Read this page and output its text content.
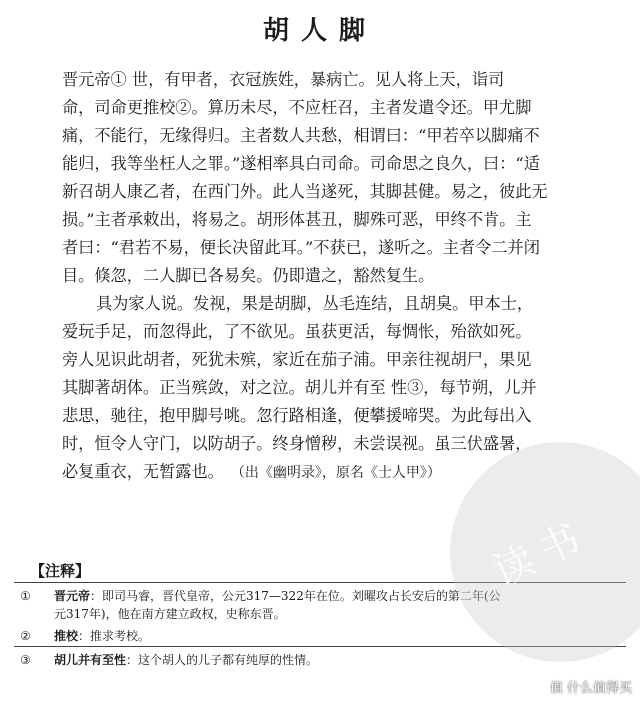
胡人脚
晋元帝① 世，有甲者，衣冠族姓，暴病亡。见人将上天，诣司
命，司命更推校②。算历未尽，不应枉召，主者发遣令还。甲尤脚
痛，不能行，无缘得归。主者数人共愁，相谓曰：“甲若卒以脚痛不
能归，我等坐枉人之罪。”遂相率具白司命。司命思之良久，曰：“适
新召胡人康乙者，在西门外。此人当遂死，其脚甚健。易之，彼此无
损。”主者承敕出，将易之。胡形体甚丑，脚殊可恶，甲终不肯。主
者曰：“君若不易，便长决留此耳。”不获已，遂听之。主者令二并闭
目。倏忽，二人脚已各易矣。仍即遣之，豁然复生。
具为家人说。发视，果是胡脚，丛毛连结，且胡臭。甲本士，
爱玩手足，而忽得此，了不欲见。虽获更活，每惆怅，殆欲如死。
旁人见识此胡者，死犹未殡，家近在茄子浦。甲亲往视胡尸，果见
其脚著胡体。正当殡敛，对之泣。胡儿并有至 性③，每节朔，儿并
悲思，驰往，抱甲脚号咷。忽行路相逢，便攀援啼哭。为此每出入
时，恒令人守门，以防胡子。终身憎秽，未尝误视。虽三伏盛暑，
必复重衣，无暂露也。 （出《幽明录》，原名《士人甲》）
【注释】
① 晋元帝：即司马睿，晋代皇帝，公元317—322年在位。刘曜攻占长安后的第二年(公
元317年)，他在南方建立政权，史称东晋。
② 推校：推求考校。
③ 胡儿并有至性：这个胡人的儿子都有纯厚的性情。
读书
值 什么值得买
